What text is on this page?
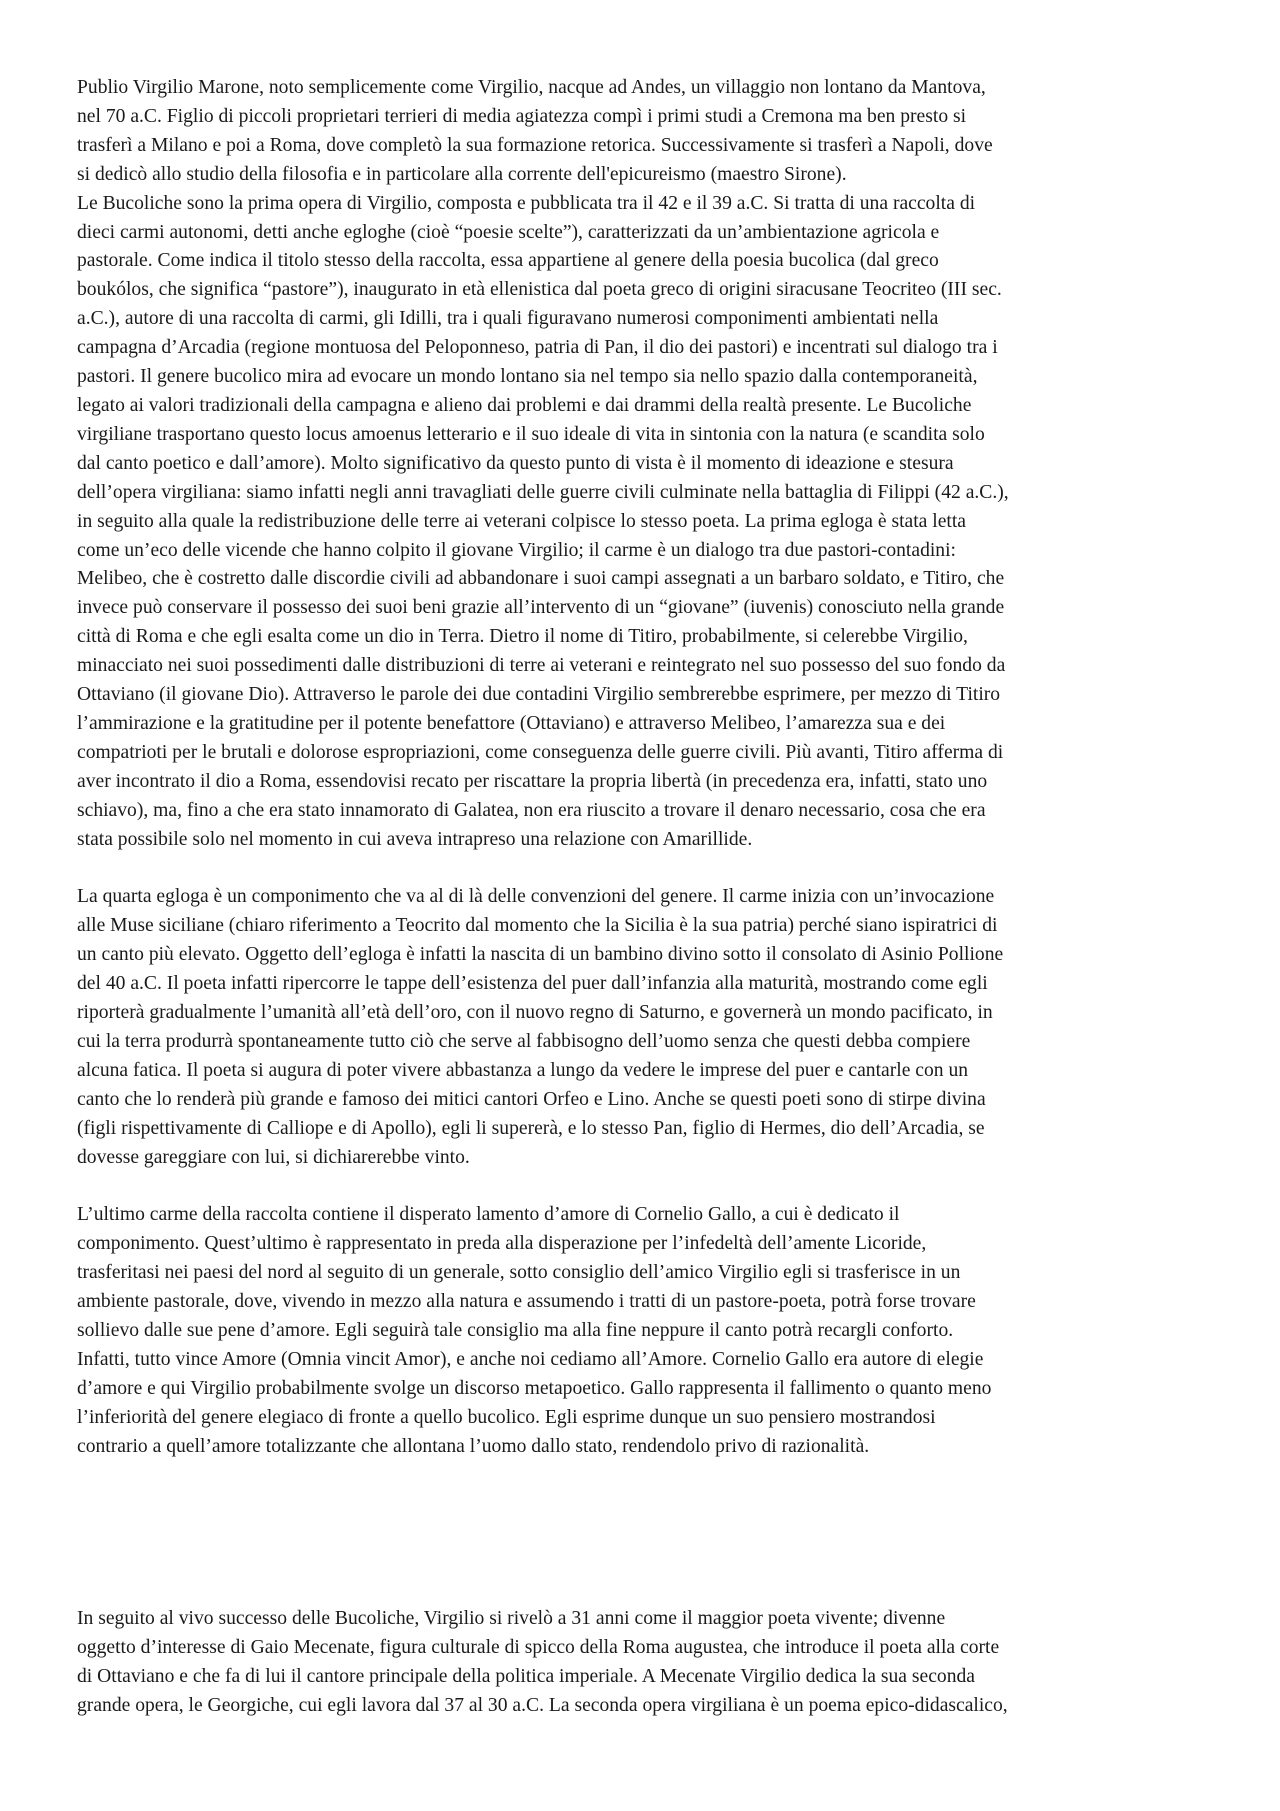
Publio Virgilio Marone, noto semplicemente come Virgilio, nacque ad Andes, un villaggio non lontano da Mantova,
nel 70 a.C. Figlio di piccoli proprietari terrieri di media agiatezza compì i primi studi a Cremona ma ben presto si
trasferì a Milano e poi a Roma, dove completò la sua formazione retorica. Successivamente si trasferì a Napoli, dove
si dedicò allo studio della filosofia e in particolare alla corrente dell'epicureismo (maestro Sirone).

Le Bucoliche sono la prima opera di Virgilio, composta e pubblicata tra il 42 e il 39 a.C. Si tratta di una raccolta di
dieci carmi autonomi, detti anche egloghe (cioè “poesie scelte”), caratterizzati da un’ambientazione agricola e
pastorale. Come indica il titolo stesso della raccolta, essa appartiene al genere della poesia bucolica (dal greco
boukólos, che significa “pastore”), inaugurato in età ellenistica dal poeta greco di origini siracusane Teocriteo (III sec.
a.C.), autore di una raccolta di carmi, gli Idilli, tra i quali figuravano numerosi componimenti ambientati nella
campagna d’Arcadia (regione montuosa del Peloponneso, patria di Pan, il dio dei pastori) e incentrati sul dialogo tra i
pastori. Il genere bucolico mira ad evocare un mondo lontano sia nel tempo sia nello spazio dalla contemporaneità,
legato ai valori tradizionali della campagna e alieno dai problemi e dai drammi della realtà presente. Le Bucoliche
virgiliane trasportano questo locus amoenus letterario e il suo ideale di vita in sintonia con la natura (e scandita solo
dal canto poetico e dall’amore). Molto significativo da questo punto di vista è il momento di ideazione e stesura
dell’opera virgiliana: siamo infatti negli anni travagliati delle guerre civili culminate nella battaglia di Filippi (42 a.C.),
in seguito alla quale la redistribuzione delle terre ai veterani colpisce lo stesso poeta. La prima egloga è stata letta
come un’eco delle vicende che hanno colpito il giovane Virgilio; il carme è un dialogo tra due pastori-contadini:
Melibeo, che è costretto dalle discordie civili ad abbandonare i suoi campi assegnati a un barbaro soldato, e Titiro, che
invece può conservare il possesso dei suoi beni grazie all’intervento di un “giovane” (iuvenis) conosciuto nella grande
città di Roma e che egli esalta come un dio in Terra. Dietro il nome di Titiro, probabilmente, si celerebbe Virgilio,
minacciato nei suoi possedimenti dalle distribuzioni di terre ai veterani e reintegrato nel suo possesso del suo fondo da
Ottaviano (il giovane Dio). Attraverso le parole dei due contadini Virgilio sembrerebbe esprimere, per mezzo di Titiro
l’ammirazione e la gratitudine per il potente benefattore (Ottaviano) e attraverso Melibeo, l’amarezza sua e dei
compatrioti per le brutali e dolorose espropriazioni, come conseguenza delle guerre civili. Più avanti, Titiro afferma di
aver incontrato il dio a Roma, essendovisi recato per riscattare la propria libertà (in precedenza era, infatti, stato uno
schiavo), ma, fino a che era stato innamorato di Galatea, non era riuscito a trovare il denaro necessario, cosa che era
stata possibile solo nel momento in cui aveva intrapreso una relazione con Amarillide.

La quarta egloga è un componimento che va al di là delle convenzioni del genere. Il carme inizia con un’invocazione
alle Muse siciliane (chiaro riferimento a Teocrito dal momento che la Sicilia è la sua patria) perché siano ispiratrici di
un canto più elevato. Oggetto dell’egloga è infatti la nascita di un bambino divino sotto il consolato di Asinio Pollione
del 40 a.C. Il poeta infatti ripercorre le tappe dell’esistenza del puer dall’infanzia alla maturità, mostrando come egli
riporterà gradualmente l’umanità all’età dell’oro, con il nuovo regno di Saturno, e governerà un mondo pacificato, in
cui la terra produrrà spontaneamente tutto ciò che serve al fabbisogno dell’uomo senza che questi debba compiere
alcuna fatica. Il poeta si augura di poter vivere abbastanza a lungo da vedere le imprese del puer e cantarle con un
canto che lo renderà più grande e famoso dei mitici cantori Orfeo e Lino. Anche se questi poeti sono di stirpe divina
(figli rispettivamente di Calliope e di Apollo), egli li supererà, e lo stesso Pan, figlio di Hermes, dio dell’Arcadia, se
dovesse gareggiare con lui, si dichiarerebbe vinto.

L’ultimo carme della raccolta contiene il disperato lamento d’amore di Cornelio Gallo, a cui è dedicato il
componimento. Quest’ultimo è rappresentato in preda alla disperazione per l’infedeltà dell’amente Licoride,
trasferitasi nei paesi del nord al seguito di un generale, sotto consiglio dell’amico Virgilio egli si trasferisce in un
ambiente pastorale, dove, vivendo in mezzo alla natura e assumendo i tratti di un pastore-poeta, potrà forse trovare
sollievo dalle sue pene d’amore. Egli seguirà tale consiglio ma alla fine neppure il canto potrà recargli conforto.
Infatti, tutto vince Amore (Omnia vincit Amor), e anche noi cediamo all’Amore. Cornelio Gallo era autore di elegie
d’amore e qui Virgilio probabilmente svolge un discorso metapoetico. Gallo rappresenta il fallimento o quanto meno
l’inferiorità del genere elegiaco di fronte a quello bucolico. Egli esprime dunque un suo pensiero mostrandosi
contrario a quell’amore totalizzante che allontana l’uomo dallo stato, rendendolo privo di razionalità.

In seguito al vivo successo delle Bucoliche, Virgilio si rivelò a 31 anni come il maggior poeta vivente; divenne
oggetto d’interesse di Gaio Mecenate, figura culturale di spicco della Roma augustea, che introduce il poeta alla corte
di Ottaviano e che fa di lui il cantore principale della politica imperiale. A Mecenate Virgilio dedica la sua seconda
grande opera, le Georgiche, cui egli lavora dal 37 al 30 a.C. La seconda opera virgiliana è un poema epico-didascalico,
